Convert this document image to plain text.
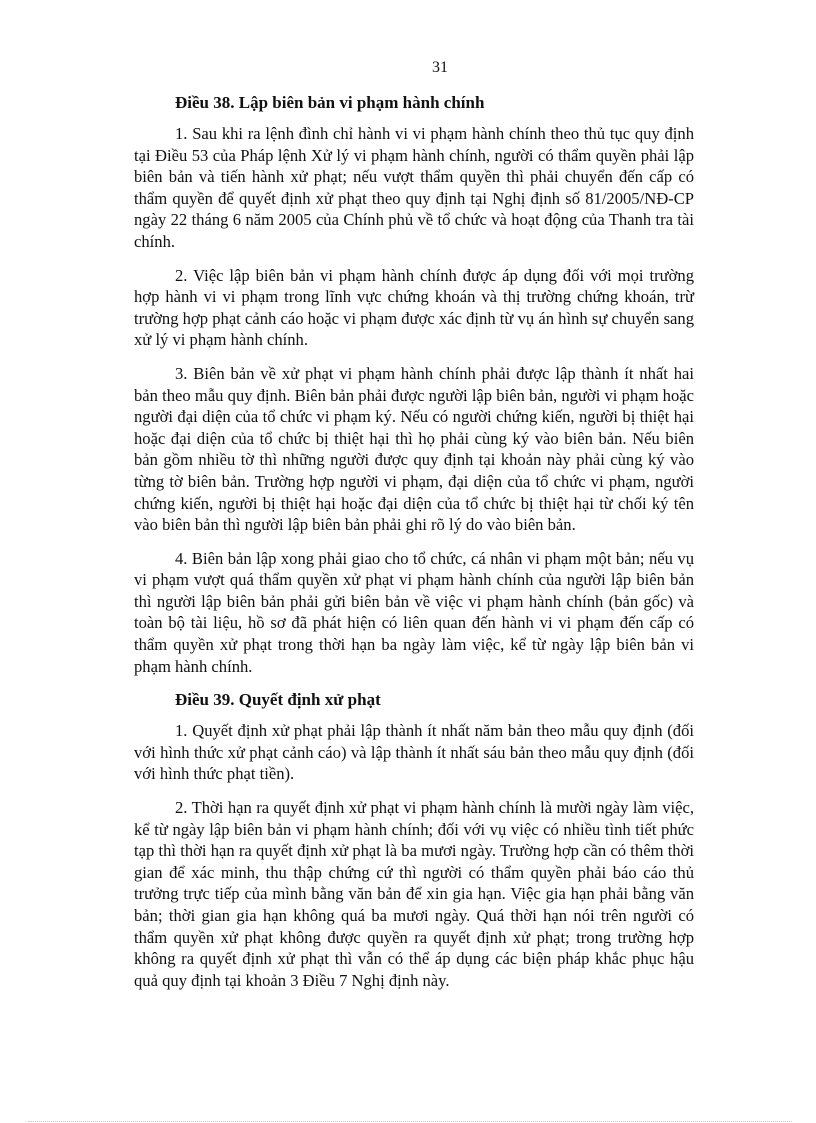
31
Điều 38. Lập biên bản vi phạm hành chính

1. Sau khi ra lệnh đình chỉ hành vi vi phạm hành chính theo thủ tục quy định tại Điều 53 của Pháp lệnh Xử lý vi phạm hành chính, người có thẩm quyền phải lập biên bản và tiến hành xử phạt; nếu vượt thẩm quyền thì phải chuyển đến cấp có thẩm quyền để quyết định xử phạt theo quy định tại Nghị định số 81/2005/NĐ-CP ngày 22 tháng 6 năm 2005 của Chính phủ về tổ chức và hoạt động của Thanh tra tài chính.

2. Việc lập biên bản vi phạm hành chính được áp dụng đối với mọi trường hợp hành vi vi phạm trong lĩnh vực chứng khoán và thị trường chứng khoán, trừ trường hợp phạt cảnh cáo hoặc vi phạm được xác định từ vụ án hình sự chuyển sang xử lý vi phạm hành chính.

3. Biên bản về xử phạt vi phạm hành chính phải được lập thành ít nhất hai bản theo mẫu quy định. Biên bản phải được người lập biên bản, người vi phạm hoặc người đại diện của tổ chức vi phạm ký. Nếu có người chứng kiến, người bị thiệt hại hoặc đại diện của tổ chức bị thiệt hại thì họ phải cùng ký vào biên bản. Nếu biên bản gồm nhiều tờ thì những người được quy định tại khoản này phải cùng ký vào từng tờ biên bản. Trường hợp người vi phạm, đại diện của tổ chức vi phạm, người chứng kiến, người bị thiệt hại hoặc đại diện của tổ chức bị thiệt hại từ chối ký tên vào biên bản thì người lập biên bản phải ghi rõ lý do vào biên bản.

4. Biên bản lập xong phải giao cho tổ chức, cá nhân vi phạm một bản; nếu vụ vi phạm vượt quá thẩm quyền xử phạt vi phạm hành chính của người lập biên bản thì người lập biên bản phải gửi biên bản về việc vi phạm hành chính (bản gốc) và toàn bộ tài liệu, hồ sơ đã phát hiện có liên quan đến hành vi vi phạm đến cấp có thẩm quyền xử phạt trong thời hạn ba ngày làm việc, kể từ ngày lập biên bản vi phạm hành chính.

Điều 39. Quyết định xử phạt

1. Quyết định xử phạt phải lập thành ít nhất năm bản theo mẫu quy định (đối với hình thức xử phạt cảnh cáo) và lập thành ít nhất sáu bản theo mẫu quy định (đối với hình thức phạt tiền).

2. Thời hạn ra quyết định xử phạt vi phạm hành chính là mười ngày làm việc, kể từ ngày lập biên bản vi phạm hành chính; đối với vụ việc có nhiều tình tiết phức tạp thì thời hạn ra quyết định xử phạt là ba mươi ngày. Trường hợp cần có thêm thời gian để xác minh, thu thập chứng cứ thì người có thẩm quyền phải báo cáo thủ trưởng trực tiếp của mình bằng văn bản để xin gia hạn. Việc gia hạn phải bằng văn bản; thời gian gia hạn không quá ba mươi ngày. Quá thời hạn nói trên người có thẩm quyền xử phạt không được quyền ra quyết định xử phạt; trong trường hợp không ra quyết định xử phạt thì vẫn có thể áp dụng các biện pháp khắc phục hậu quả quy định tại khoản 3 Điều 7 Nghị định này.
